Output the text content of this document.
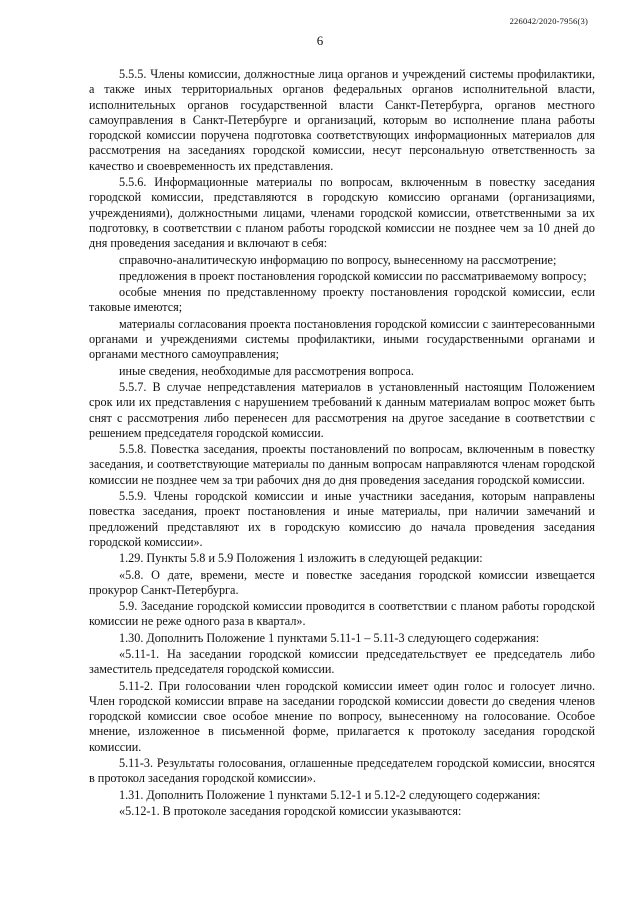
226042/2020-7956(3)
6

5.5.5. Члены комиссии, должностные лица органов и учреждений системы профилактики, а также иных территориальных органов федеральных органов исполнительной власти, исполнительных органов государственной власти Санкт-Петербурга, органов местного самоуправления в Санкт-Петербурге и организаций, которым во исполнение плана работы городской комиссии поручена подготовка соответствующих информационных материалов для рассмотрения на заседаниях городской комиссии, несут персональную ответственность за качество и своевременность их представления.

5.5.6. Информационные материалы по вопросам, включенным в повестку заседания городской комиссии, представляются в городскую комиссию органами (организациями, учреждениями), должностными лицами, членами городской комиссии, ответственными за их подготовку, в соответствии с планом работы городской комиссии не позднее чем за 10 дней до дня проведения заседания и включают в себя:

справочно-аналитическую информацию по вопросу, вынесенному на рассмотрение;

предложения в проект постановления городской комиссии по рассматриваемому вопросу;

особые мнения по представленному проекту постановления городской комиссии, если таковые имеются;

материалы согласования проекта постановления городской комиссии с заинтересованными органами и учреждениями системы профилактики, иными государственными органами и органами местного самоуправления;

иные сведения, необходимые для рассмотрения вопроса.

5.5.7. В случае непредставления материалов в установленный настоящим Положением срок или их представления с нарушением требований к данным материалам вопрос может быть снят с рассмотрения либо перенесен для рассмотрения на другое заседание в соответствии с решением председателя городской комиссии.

5.5.8. Повестка заседания, проекты постановлений по вопросам, включенным в повестку заседания, и соответствующие материалы по данным вопросам направляются членам городской комиссии не позднее чем за три рабочих дня до дня проведения заседания городской комиссии.

5.5.9. Члены городской комиссии и иные участники заседания, которым направлены повестка заседания, проект постановления и иные материалы, при наличии замечаний и предложений представляют их в городскую комиссию до начала проведения заседания городской комиссии».

1.29. Пункты 5.8 и 5.9 Положения 1 изложить в следующей редакции:

«5.8. О дате, времени, месте и повестке заседания городской комиссии извещается прокурор Санкт-Петербурга.

5.9. Заседание городской комиссии проводится в соответствии с планом работы городской комиссии не реже одного раза в квартал».

1.30. Дополнить Положение 1 пунктами 5.11-1 – 5.11-3 следующего содержания:

«5.11-1. На заседании городской комиссии председательствует ее председатель либо заместитель председателя городской комиссии.

5.11-2. При голосовании член городской комиссии имеет один голос и голосует лично. Член городской комиссии вправе на заседании городской комиссии довести до сведения членов городской комиссии свое особое мнение по вопросу, вынесенному на голосование. Особое мнение, изложенное в письменной форме, прилагается к протоколу заседания городской комиссии.

5.11-3. Результаты голосования, оглашенные председателем городской комиссии, вносятся в протокол заседания городской комиссии».

1.31. Дополнить Положение 1 пунктами 5.12-1 и 5.12-2 следующего содержания:

«5.12-1. В протоколе заседания городской комиссии указываются:
